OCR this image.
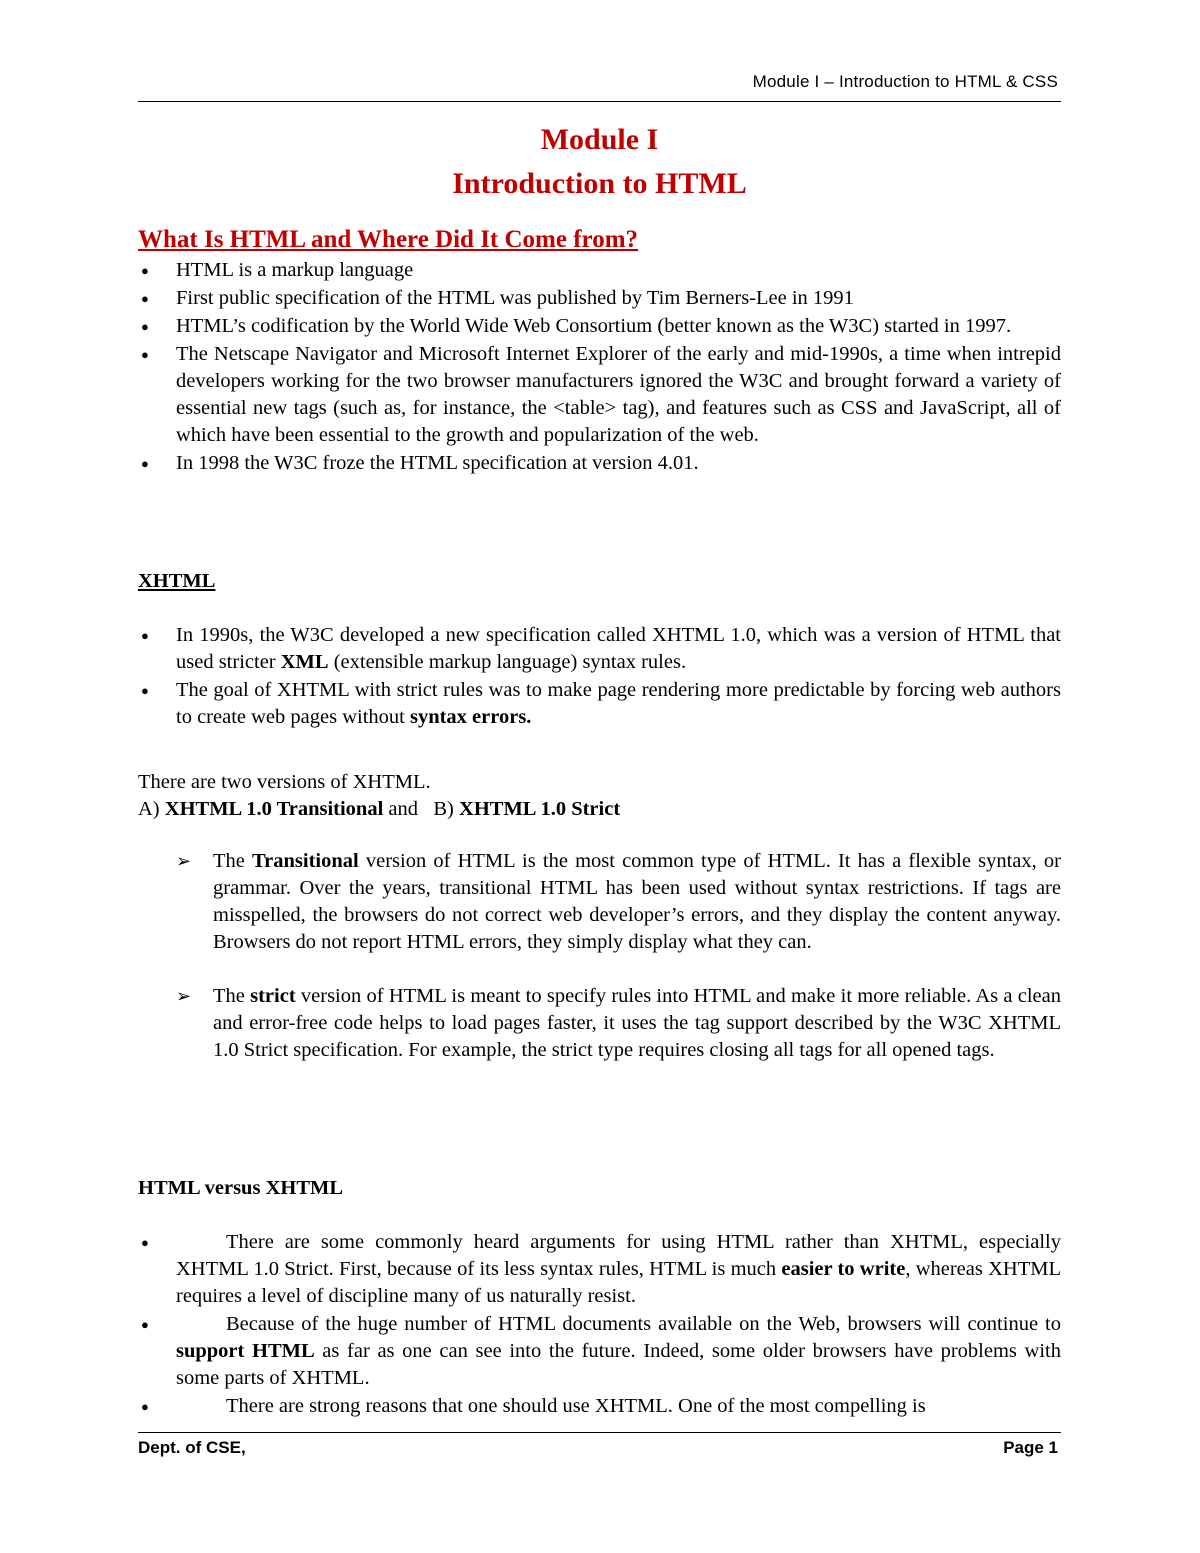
Module I – Introduction to HTML & CSS
Module I
Introduction to HTML
What Is HTML and Where Did It Come from?
● HTML is a markup language
● First public specification of the HTML was published by Tim Berners-Lee in 1991
● HTML’s codification by the World Wide Web Consortium (better known as the W3C) started in 1997.
● The Netscape Navigator and Microsoft Internet Explorer of the early and mid-1990s, a time when intrepid developers working for the two browser manufacturers ignored the W3C and brought forward a variety of essential new tags (such as, for instance, the <table> tag), and features such as CSS and JavaScript, all of which have been essential to the growth and popularization of the web.
● In 1998 the W3C froze the HTML specification at version 4.01.
XHTML
● In 1990s, the W3C developed a new specification called XHTML 1.0, which was a version of HTML that used stricter XML (extensible markup language) syntax rules.
● The goal of XHTML with strict rules was to make page rendering more predictable by forcing web authors to create web pages without syntax errors.
There are two versions of XHTML.
A) XHTML 1.0 Transitional and   B) XHTML 1.0 Strict
➢ The Transitional version of HTML is the most common type of HTML. It has a flexible syntax, or grammar. Over the years, transitional HTML has been used without syntax restrictions. If tags are misspelled, the browsers do not correct web developer’s errors, and they display the content anyway. Browsers do not report HTML errors, they simply display what they can.
➢ The strict version of HTML is meant to specify rules into HTML and make it more reliable. As a clean and error-free code helps to load pages faster, it uses the tag support described by the W3C XHTML 1.0 Strict specification. For example, the strict type requires closing all tags for all opened tags.
HTML versus XHTML
● There are some commonly heard arguments for using HTML rather than XHTML, especially XHTML 1.0 Strict. First, because of its less syntax rules, HTML is much easier to write, whereas XHTML requires a level of discipline many of us naturally resist.
● Because of the huge number of HTML documents available on the Web, browsers will continue to support HTML as far as one can see into the future. Indeed, some older browsers have problems with some parts of XHTML.
● There are strong reasons that one should use XHTML. One of the most compelling is
Dept. of CSE,	Page 1
